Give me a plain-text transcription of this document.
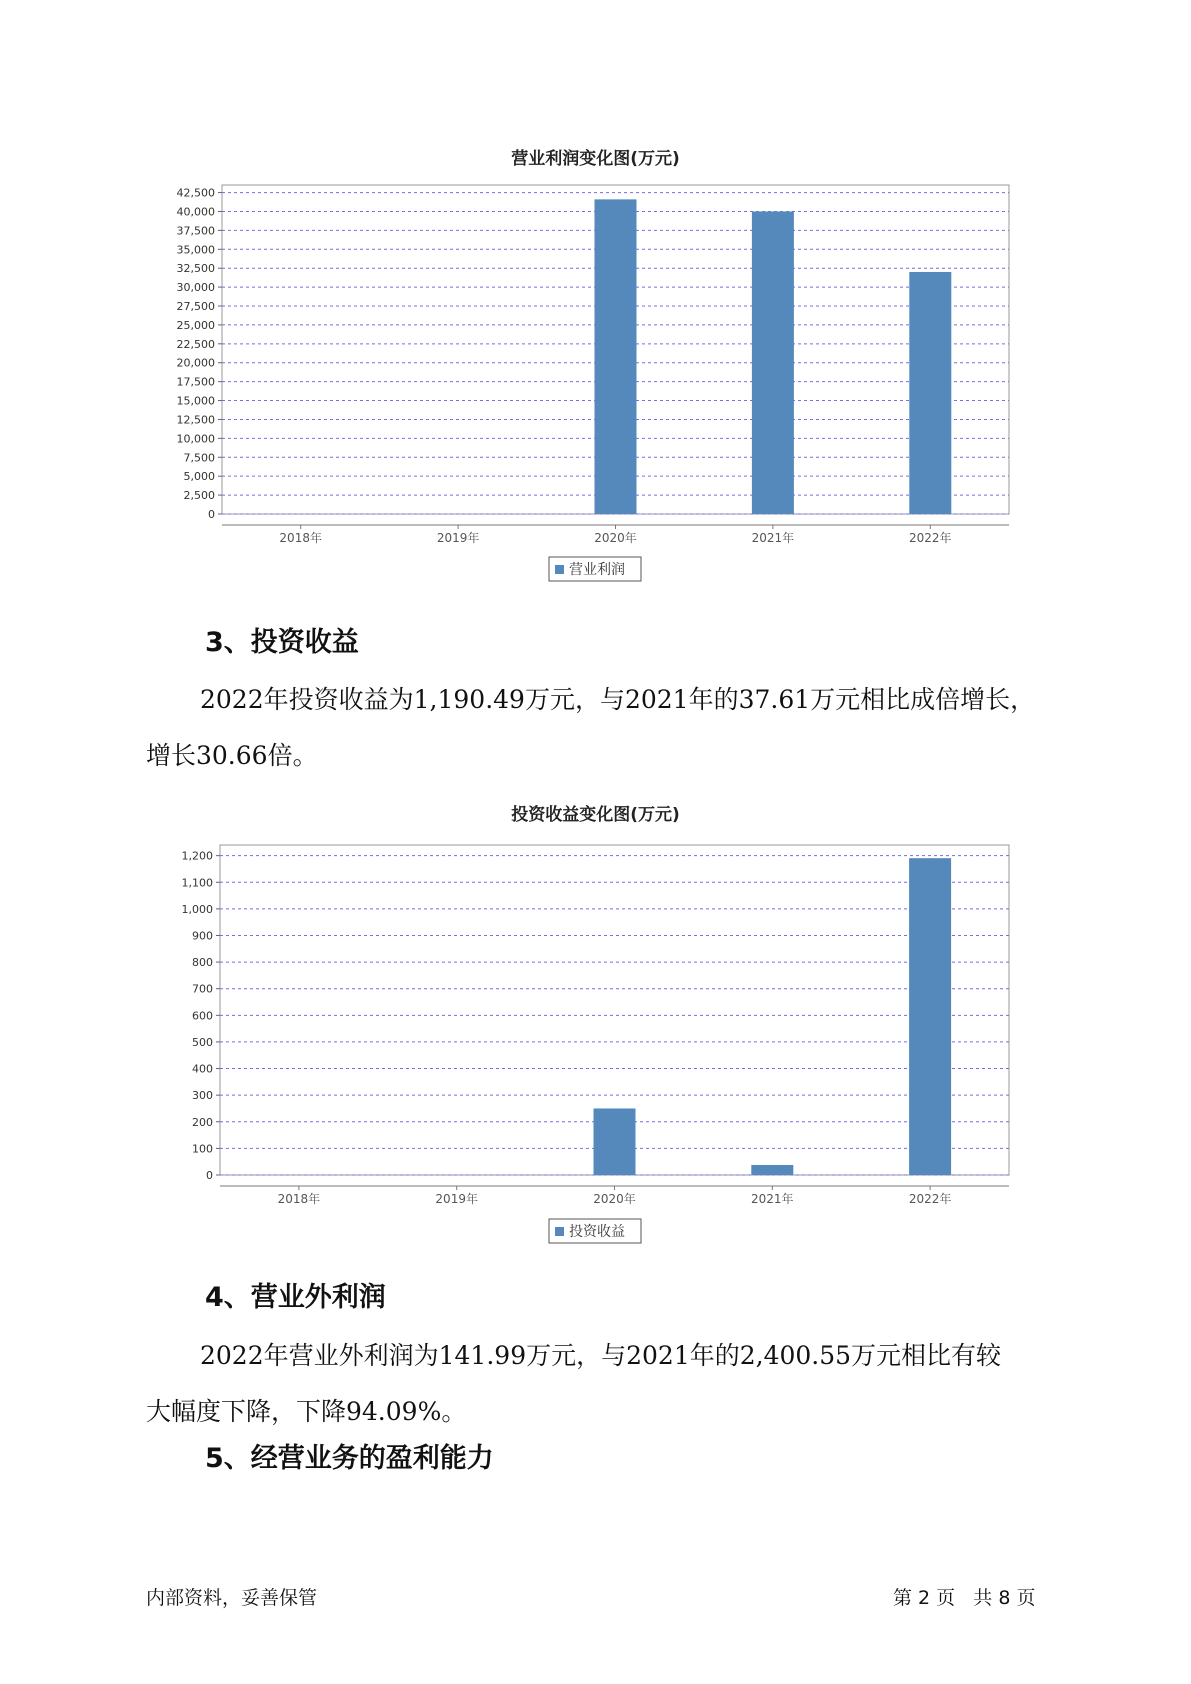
营业利润变化图(万元)
0
2,500
5,000
7,500
10,000
12,500
15,000
17,500
20,000
22,500
25,000
27,500
30,000
32,500
35,000
37,500
40,000
42,500
2018年	2019年	2020年	2021年	2022年
营业利润
3、投资收益
2022年投资收益为1,190.49万元，与2021年的37.61万元相比成倍增长，
增长30.66倍。
投资收益变化图(万元)
0
100
200
300
400
500
600
700
800
900
1,000
1,100
1,200
2018年	2019年	2020年	2021年	2022年
投资收益
4、营业外利润
2022年营业外利润为141.99万元，与2021年的2,400.55万元相比有较
大幅度下降，下降94.09%。
5、经营业务的盈利能力
内部资料，妥善保管	第 2 页   共 8 页
